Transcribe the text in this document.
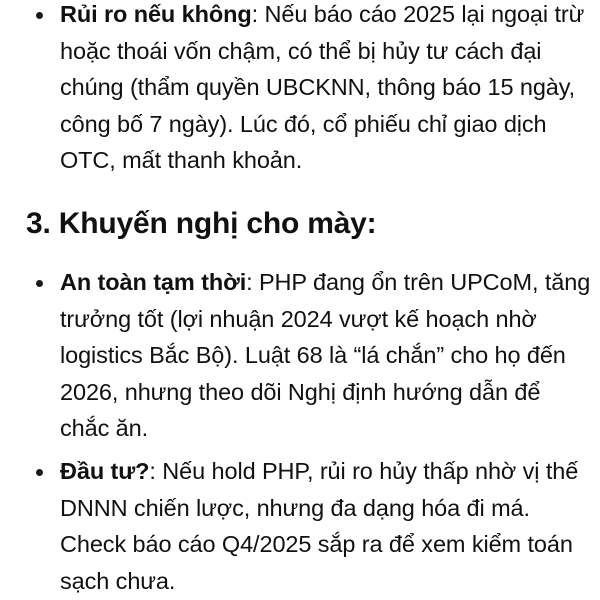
Rủi ro nếu không: Nếu báo cáo 2025 lại ngoại trừ hoặc thoái vốn chậm, có thể bị hủy tư cách đại chúng (thẩm quyền UBCKNN, thông báo 15 ngày, công bố 7 ngày). Lúc đó, cổ phiếu chỉ giao dịch OTC, mất thanh khoản.
3. Khuyến nghị cho mày:
An toàn tạm thời: PHP đang ổn trên UPCoM, tăng trưởng tốt (lợi nhuận 2024 vượt kế hoạch nhờ logistics Bắc Bộ). Luật 68 là “lá chắn” cho họ đến 2026, nhưng theo dõi Nghị định hướng dẫn để chắc ăn.
Đầu tư?: Nếu hold PHP, rủi ro hủy thấp nhờ vị thế DNNN chiến lược, nhưng đa dạng hóa đi má. Check báo cáo Q4/2025 sắp ra để xem kiểm toán sạch chưa.
